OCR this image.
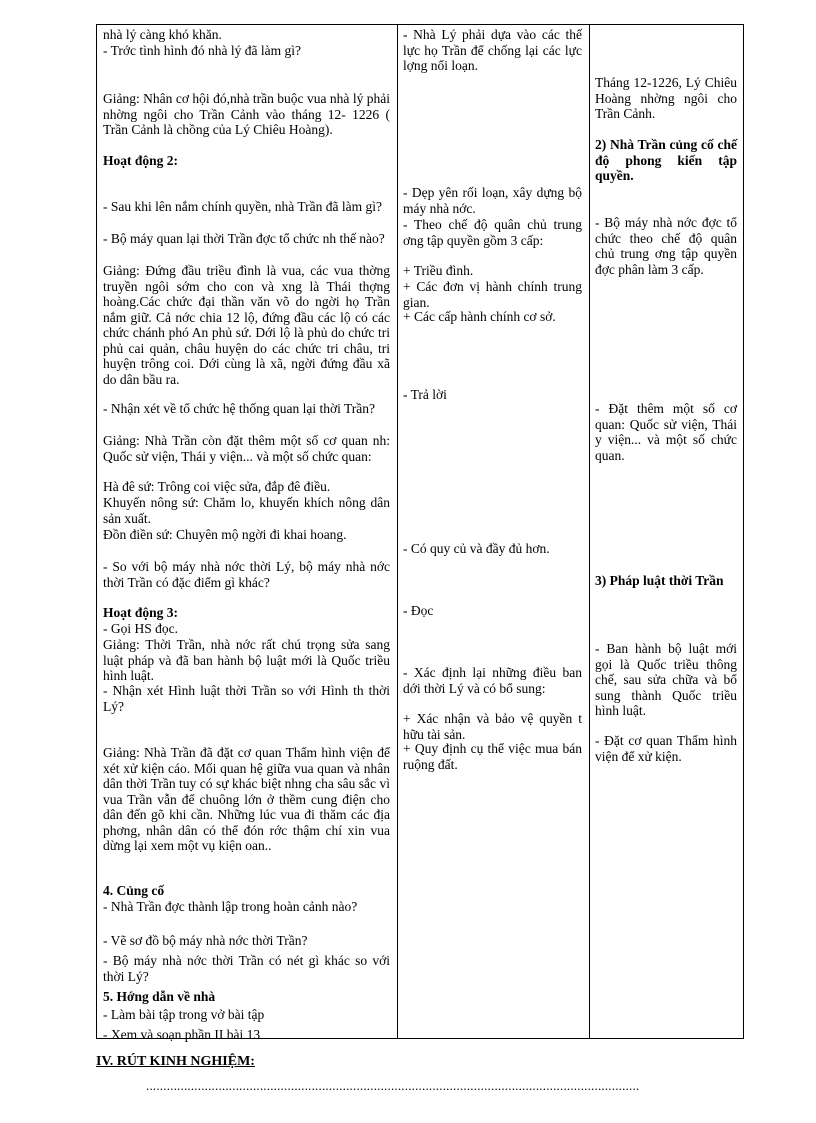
nhà lý càng khó khăn.

- Trớc tình hình đó nhà lý đã làm gì?

Giảng: Nhân cơ hội đó,nhà trần buộc vua nhà lý phải nhờng ngôi cho Trần Cảnh vào tháng 12- 1226 ( Trần Cảnh là chồng của Lý Chiêu Hoàng).

Hoạt động 2:

- Sau khi lên nắm chính quyền, nhà Trần đã làm gì?

- Bộ máy quan lại thời Trần đợc tổ chức nh thế nào?

Giảng: Đứng đầu triều đình là vua, các vua thờng truyền ngôi sớm cho con và xng là Thái thợng hoàng.Các chức đại thần văn võ do ngời họ Trần nắm giữ. Cả nớc chia 12 lộ, đứng đầu các lộ có các chức chánh phó An phủ sứ. Dới lộ là phủ do chức tri phủ cai quản, châu huyện do các chức tri châu, tri huyện trông coi. Dới cùng là xã, ngời đứng đầu xã do dân bầu ra.

- Nhận xét về tổ chức hệ thống quan lại thời Trần?

Giảng: Nhà Trần còn đặt thêm một số cơ quan nh: Quốc sử viện, Thái y viện... và một số chức quan:

Hà đê sứ: Trông coi việc sửa, đắp đê điều.

Khuyến nông sứ: Chăm lo, khuyến khích nông dân sản xuất.

Đồn điền sứ: Chuyên mộ ngời đi khai hoang.

- So với bộ máy nhà nớc thời Lý, bộ máy nhà nớc thời Trần có đặc điểm gì khác?

Hoạt động 3:

- Gọi HS đọc.

Giảng: Thời Trần, nhà nớc rất chú trọng sửa sang luật pháp và đã ban hành bộ luật mới là Quốc triều hình luật.

- Nhận xét Hình luật thời Trần so với Hình th thời Lý?

Giảng: Nhà Trần đã đặt cơ quan Thẩm hình viện để xét xử kiện cáo. Mối quan hệ giữa vua quan và nhân dân thời Trần tuy có sự khác biệt nhng cha sâu sắc vì vua Trần vẫn để chuông lớn ở thềm cung điện cho dân đến gõ khi cần. Những lúc vua đi thăm các địa phơng, nhân dân có thể đón rớc thậm chí xin vua dừng lại xem một vụ kiện oan..

4. Củng cố

- Nhà Trần đợc thành lập trong hoàn cảnh nào?

- Vẽ sơ đồ bộ máy nhà nớc thời Trần?

- Bộ máy nhà nớc thời Trần có nét gì khác so với thời Lý?

5. Hớng dẫn về nhà

- Làm bài tập trong vở bài tập

- Xem và soạn phần II bài 13

- Nhà Lý phải dựa vào các thế lực họ Trần để chống lại các lực lợng nổi loạn.

- Dẹp yên rối loạn, xây dựng bộ máy nhà nớc.

- Theo chế độ quân chủ trung ơng tập quyền gồm 3 cấp:

+ Triều đình.

+ Các đơn vị hành chính trung gian.

+ Các cấp hành chính cơ sở.

- Trả lời

- Có quy củ và đầy đủ hơn.

- Đọc

- Xác định lại những điều ban dới thời Lý và có bổ sung:

+ Xác nhận và bảo vệ quyền t hữu tài sản.

+ Quy định cụ thể việc mua bán ruộng đất.

Tháng 12-1226, Lý Chiêu Hoàng nhờng ngôi cho Trần Cảnh.

2) Nhà Trần củng cố chế độ phong kiến tập quyền.

- Bộ máy nhà nớc đợc tổ chức theo chế độ quân chủ trung ơng tập quyền đợc phân làm 3 cấp.

- Đặt thêm một số cơ quan: Quốc sử viện, Thái y viện... và một số chức quan.

3) Pháp luật thời Trần

- Ban hành bộ luật mới gọi là Quốc triều thông chế, sau sửa chữa và bổ sung thành Quốc triều hình luật.

- Đặt cơ quan Thẩm hình viện để xử kiện.

IV. RÚT KINH NGHIỆM:
...............................................................................................................................................
